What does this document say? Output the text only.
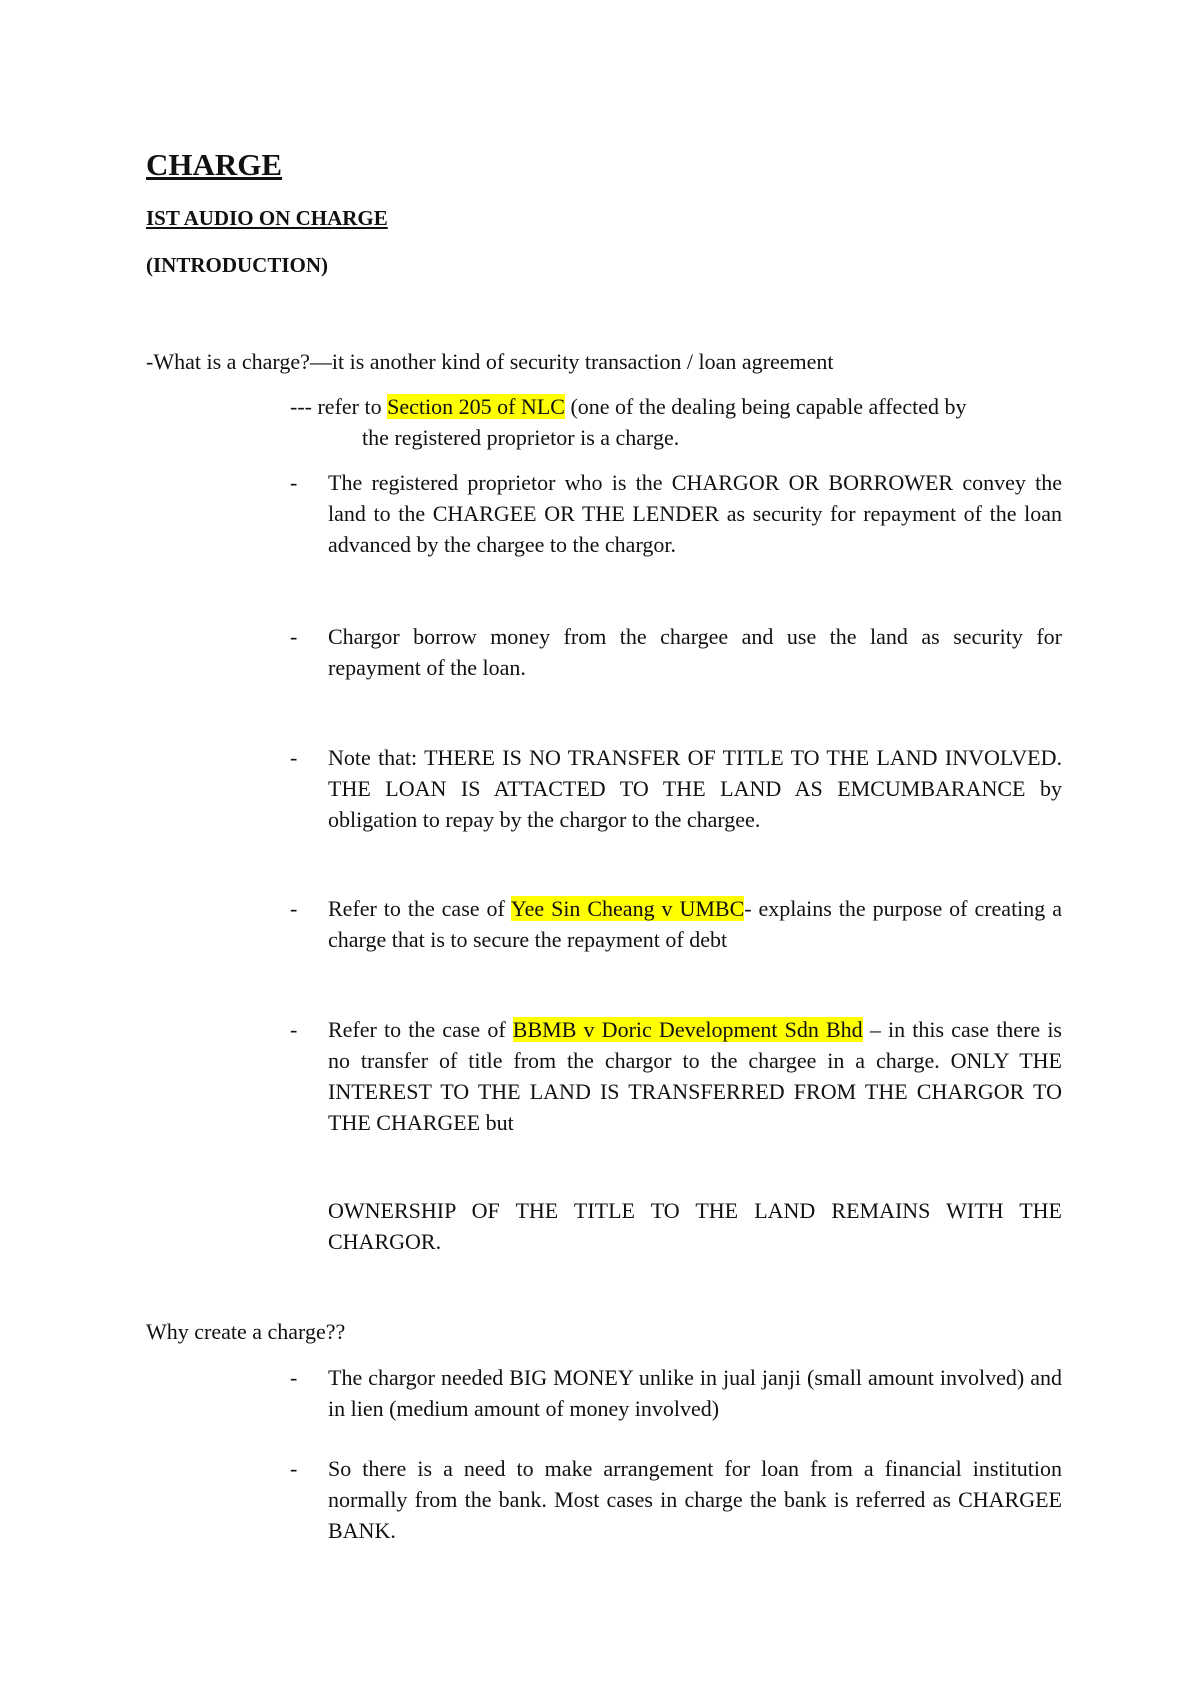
CHARGE
IST AUDIO ON CHARGE
(INTRODUCTION)
-What is a charge?—it is another kind of security transaction / loan agreement
--- refer to Section 205 of NLC (one of the dealing being capable affected by
the registered proprietor is a charge.
- The registered proprietor who is the CHARGOR OR BORROWER convey the land to the CHARGEE OR THE LENDER as security for repayment of the loan advanced by the chargee to the chargor.
- Chargor borrow money from the chargee and use the land as security for repayment of the loan.
- Note that: THERE IS NO TRANSFER OF TITLE TO THE LAND INVOLVED. THE LOAN IS ATTACTED TO THE LAND AS EMCUMBARANCE by obligation to repay by the chargor to the chargee.
- Refer to the case of Yee Sin Cheang v UMBC- explains the purpose of creating a charge that is to secure the repayment of debt
- Refer to the case of BBMB v Doric Development Sdn Bhd – in this case there is no transfer of title from the chargor to the chargee in a charge. ONLY THE INTEREST TO THE LAND IS TRANSFERRED FROM THE CHARGOR TO THE CHARGEE but
OWNERSHIP OF THE TITLE TO THE LAND REMAINS WITH THE CHARGOR.
Why create a charge??
- The chargor needed BIG MONEY unlike in jual janji (small amount involved) and in lien (medium amount of money involved)
- So there is a need to make arrangement for loan from a financial institution normally from the bank. Most cases in charge the bank is referred as CHARGEE BANK.
